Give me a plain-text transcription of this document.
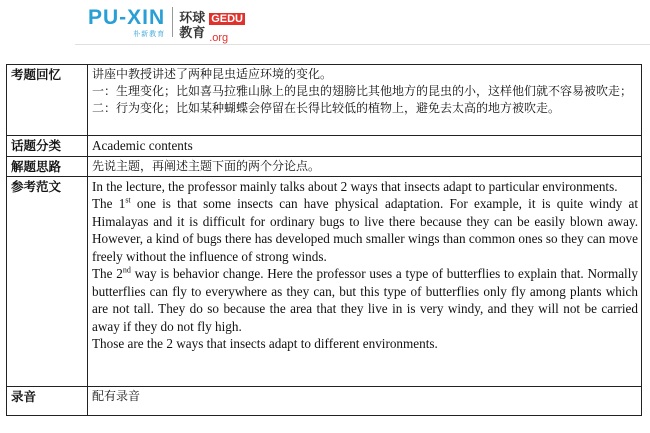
PU-XIN
朴新教育
环球教育
GEDU
.org
考题回忆	讲座中教授讲述了两种昆虫适应环境的变化。

一：生理变化；比如喜马拉雅山脉上的昆虫的翅膀比其他地方的昆虫的小，这样他们就不容易被吹走；

二：行为变化；比如某种蝴蝶会停留在长得比较低的植物上，避免去太高的地方被吹走。

话题分类	Academic contents
解题思路	先说主题，再阐述主题下面的两个分论点。
参考范文	In the lecture, the professor mainly talks about 2 ways that insects adapt to particular environments.

The 1st one is that some insects can have physical adaptation. For example, it is quite windy at Himalayas and it is difficult for ordinary bugs to live there because they can be easily blown away. However, a kind of bugs there has developed much smaller wings than common ones so they can move freely without the influence of strong winds.

The 2nd way is behavior change. Here the professor uses a type of butterflies to explain that. Normally butterflies can fly to everywhere as they can, but this type of butterflies only fly among plants which are not tall. They do so because the area that they live in is very windy, and they will not be carried away if they do not fly high.

Those are the 2 ways that insects adapt to different environments.

录音	配有录音
